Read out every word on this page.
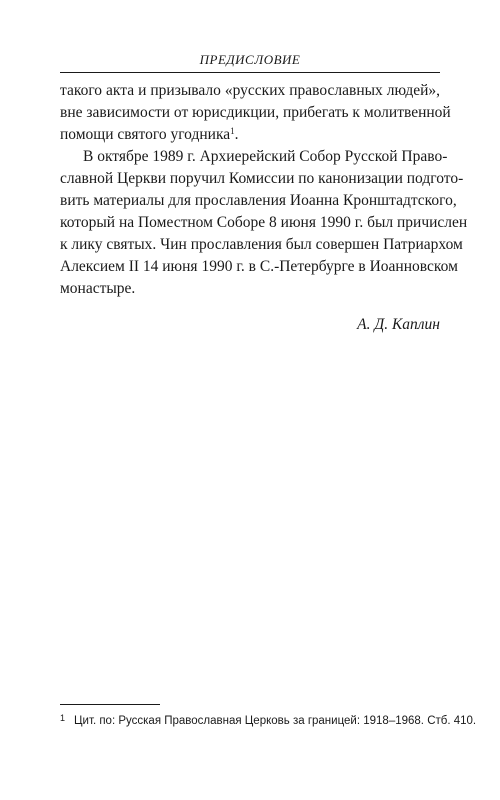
ПРЕДИСЛОВИЕ
такого акта и призывало «русских православных людей»,
вне зависимости от юрисдикции, прибегать к молитвенной
помощи святого угодника$^1$.
В октябре 1989 г. Архиерейский Собор Русской Право-
славной Церкви поручил Комиссии по канонизации подгото-
вить материалы для прославления Иоанна Кронштадтского,
который на Поместном Соборе 8 июня 1990 г. был причислен
к лику святых. Чин прославления был совершен Патриархом
Алексием II 14 июня 1990 г. в С.-Петербурге в Иоанновском
монастыре.
А. Д. Каплин
$^1$ Цит. по: Русская Православная Церковь за границей: 1918–1968. Стб. 410.
